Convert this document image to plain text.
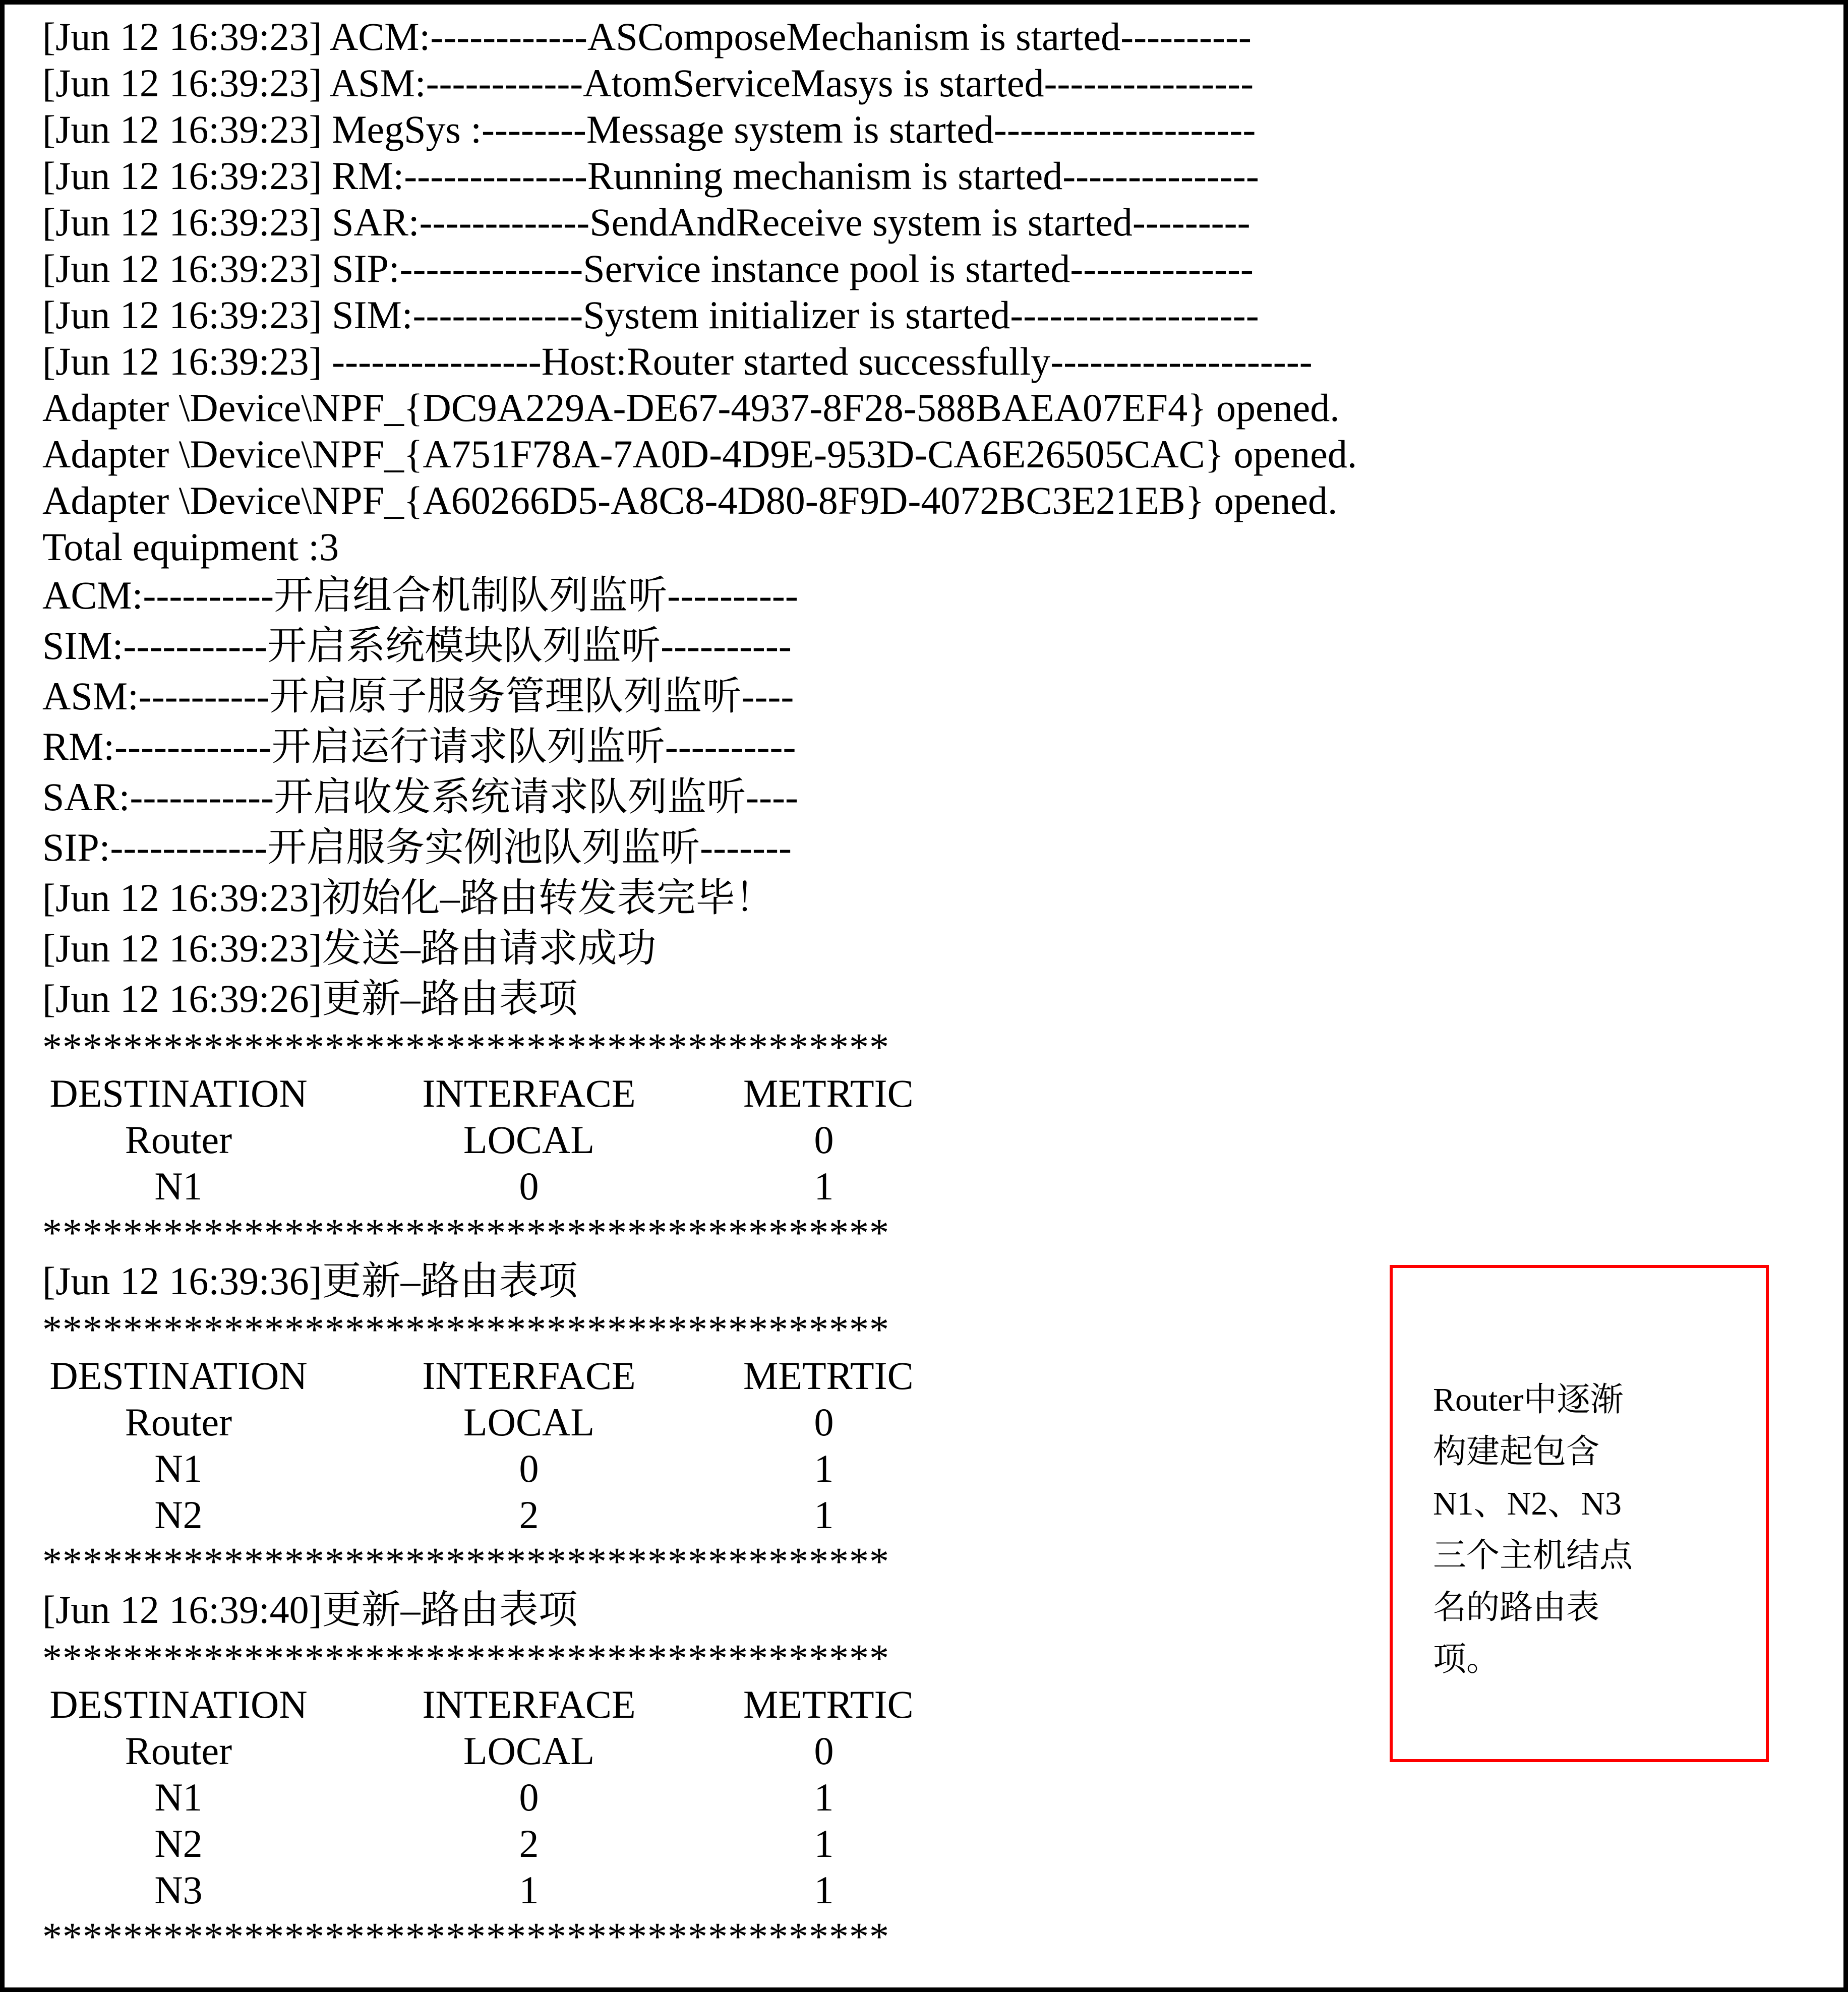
[Jun 12 16:39:23] ACM:------------ASComposeMechanism is started----------
[Jun 12 16:39:23] ASM:------------AtomServiceMasys is started----------------
[Jun 12 16:39:23] MegSys :--------Message system is started--------------------
[Jun 12 16:39:23] RM:--------------Running mechanism is started---------------
[Jun 12 16:39:23] SAR:-------------SendAndReceive system is started---------
[Jun 12 16:39:23] SIP:--------------Service instance pool is started--------------
[Jun 12 16:39:23] SIM:-------------System initializer is started-------------------
[Jun 12 16:39:23] ----------------Host:Router started successfully--------------------
Adapter \Device\NPF_{DC9A229A-DE67-4937-8F28-588BAEA07EF4} opened.
Adapter \Device\NPF_{A751F78A-7A0D-4D9E-953D-CA6E26505CAC} opened.
Adapter \Device\NPF_{A60266D5-A8C8-4D80-8F9D-4072BC3E21EB} opened.
Total equipment :3
ACM:----------开启组合机制队列监听----------
SIM:-----------开启系统模块队列监听----------
ASM:----------开启原子服务管理队列监听----
RM:------------开启运行请求队列监听----------
SAR:-----------开启收发系统请求队列监听----
SIP:------------开启服务实例池队列监听-------
[Jun 12 16:39:23]初始化–路由转发表完毕！
[Jun 12 16:39:23]发送–路由请求成功
[Jun 12 16:39:26]更新–路由表项
******************************************
DESTINATION	INTERFACE	METRTIC
Router	LOCAL	0
N1	0	1
******************************************
[Jun 12 16:39:36]更新–路由表项
******************************************
DESTINATION	INTERFACE	METRTIC
Router	LOCAL	0
N1	0	1
N2	2	1
******************************************
[Jun 12 16:39:40]更新–路由表项
******************************************
DESTINATION	INTERFACE	METRTIC
Router	LOCAL	0
N1	0	1
N2	2	1
N3	1	1
******************************************
Router中逐渐
构建起包含
N1、N2、N3
三个主机结点
名的路由表
项。
